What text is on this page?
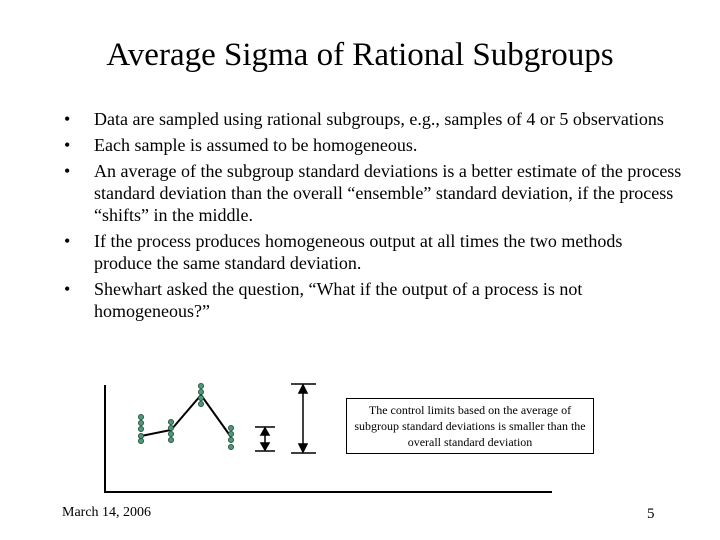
Average Sigma of Rational Subgroups
• Data are sampled using rational subgroups, e.g., samples of 4 or 5 observations
• Each sample is assumed to be homogeneous.
• An average of the subgroup standard deviations is a better estimate of the process standard deviation than the overall “ensemble” standard deviation, if the process “shifts” in the middle.
• If the process produces homogeneous output at all times the two methods produce the same standard deviation.
• Shewhart asked the question, “What if the output of a process is not homogeneous?”
The control limits based on the average of subgroup standard deviations is smaller than the overall standard deviation
March 14, 2006	5
